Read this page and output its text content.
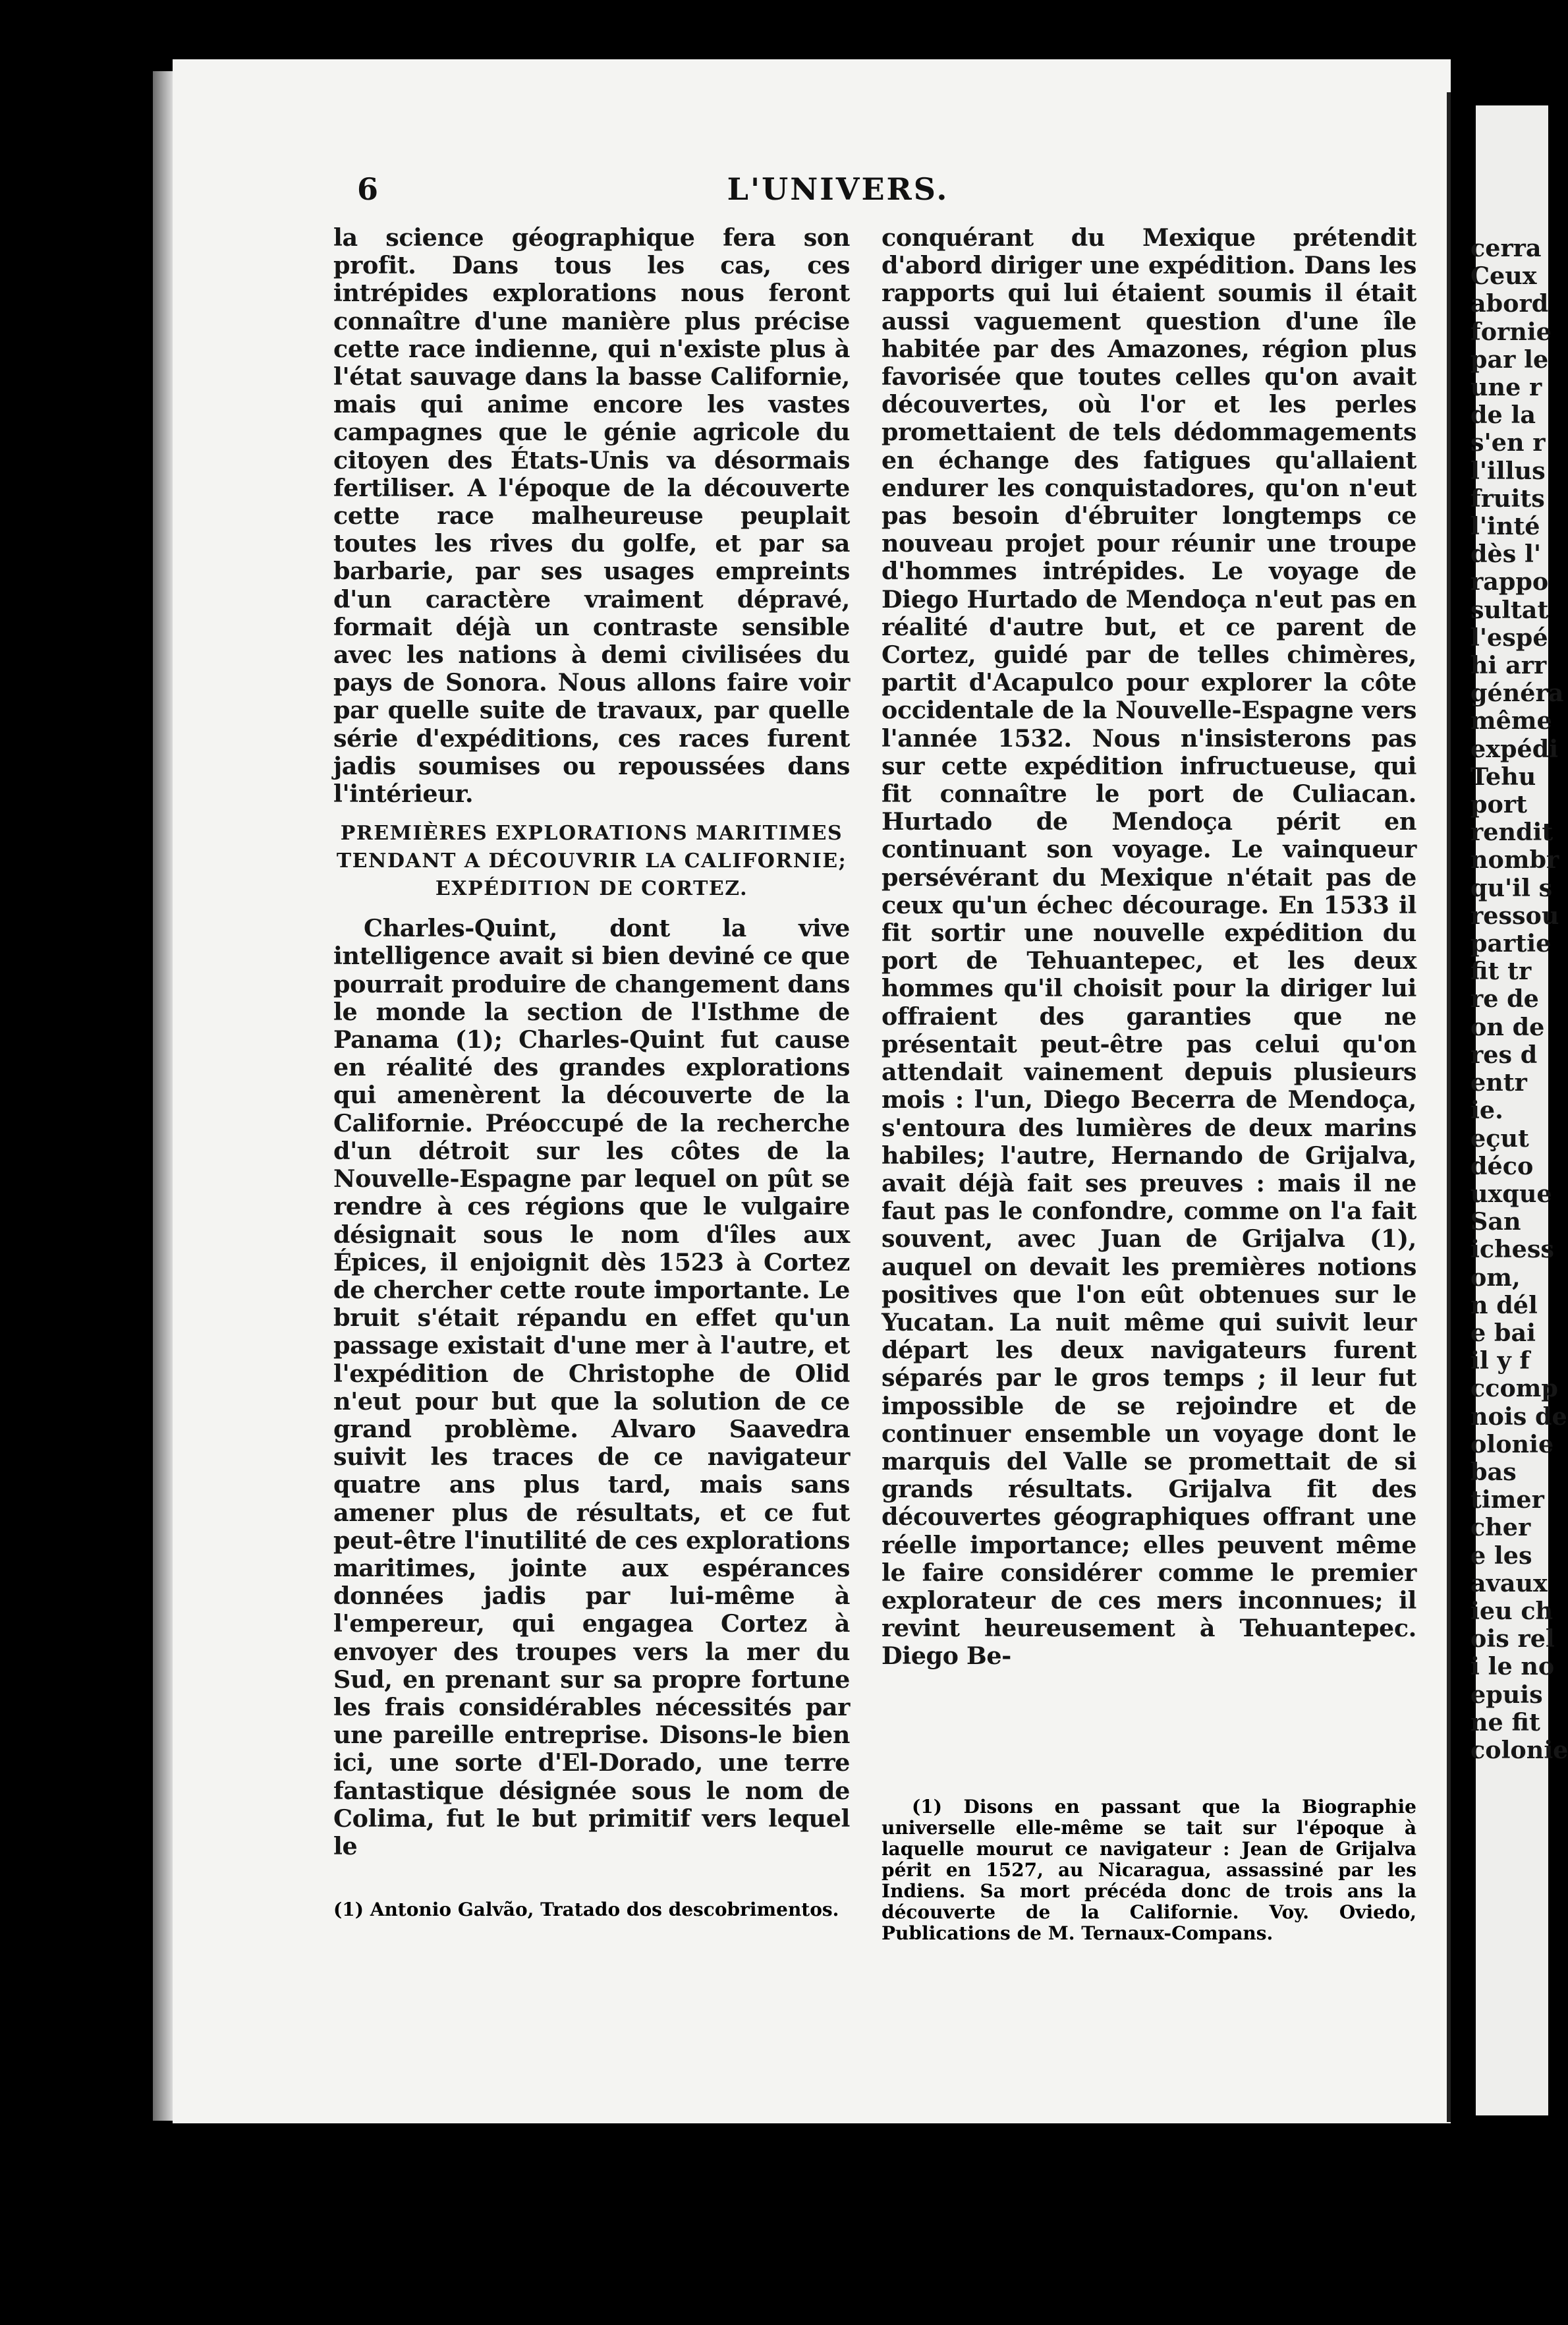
6	L'UNIVERS.

la science géographique fera son profit. Dans tous les cas, ces intrépides explorations nous feront connaître d'une manière plus précise cette race indienne, qui n'existe plus à l'état sauvage dans la basse Californie, mais qui anime encore les vastes campagnes que le génie agricole du citoyen des États-Unis va désormais fertiliser. A l'époque de la découverte cette race malheureuse peuplait toutes les rives du golfe, et par sa barbarie, par ses usages empreints d'un caractère vraiment dépravé, formait déjà un contraste sensible avec les nations à demi civilisées du pays de Sonora. Nous allons faire voir par quelle suite de travaux, par quelle série d'expéditions, ces races furent jadis soumises ou repoussées dans l'intérieur.

PREMIÈRES EXPLORATIONS MARITIMES TENDANT A DÉCOUVRIR LA CALIFORNIE; EXPÉDITION DE CORTEZ.

Charles-Quint, dont la vive intelligence avait si bien deviné ce que pourrait produire de changement dans le monde la section de l'Isthme de Panama (1); Charles-Quint fut cause en réalité des grandes explorations qui amenèrent la découverte de la Californie. Préoccupé de la recherche d'un détroit sur les côtes de la Nouvelle-Espagne par lequel on pût se rendre à ces régions que le vulgaire désignait sous le nom d'îles aux Épices, il enjoignit dès 1523 à Cortez de chercher cette route importante. Le bruit s'était répandu en effet qu'un passage existait d'une mer à l'autre, et l'expédition de Christophe de Olid n'eut pour but que la solution de ce grand problème. Alvaro Saavedra suivit les traces de ce navigateur quatre ans plus tard, mais sans amener plus de résultats, et ce fut peut-être l'inutilité de ces explorations maritimes, jointe aux espérances données jadis par lui-même à l'empereur, qui engagea Cortez à envoyer des troupes vers la mer du Sud, en prenant sur sa propre fortune les frais considérables nécessités par une pareille entreprise. Disons-le bien ici, une sorte d'El-Dorado, une terre fantastique désignée sous le nom de Colima, fut le but primitif vers lequel le

(1) Antonio Galvão, Tratado dos descobrimentos.

conquérant du Mexique prétendit d'abord diriger une expédition. Dans les rapports qui lui étaient soumis il était aussi vaguement question d'une île habitée par des Amazones, région plus favorisée que toutes celles qu'on avait découvertes, où l'or et les perles promettaient de tels dédommagements en échange des fatigues qu'allaient endurer les conquistadores, qu'on n'eut pas besoin d'ébruiter longtemps ce nouveau projet pour réunir une troupe d'hommes intrépides. Le voyage de Diego Hurtado de Mendoça n'eut pas en réalité d'autre but, et ce parent de Cortez, guidé par de telles chimères, partit d'Acapulco pour explorer la côte occidentale de la Nouvelle-Espagne vers l'année 1532. Nous n'insisterons pas sur cette expédition infructueuse, qui fit connaître le port de Culiacan. Hurtado de Mendoça périt en continuant son voyage. Le vainqueur persévérant du Mexique n'était pas de ceux qu'un échec décourage. En 1533 il fit sortir une nouvelle expédition du port de Tehuantepec, et les deux hommes qu'il choisit pour la diriger lui offraient des garanties que ne présentait peut-être pas celui qu'on attendait vainement depuis plusieurs mois : l'un, Diego Becerra de Mendoça, s'entoura des lumières de deux marins habiles; l'autre, Hernando de Grijalva, avait déjà fait ses preuves : mais il ne faut pas le confondre, comme on l'a fait souvent, avec Juan de Grijalva (1), auquel on devait les premières notions positives que l'on eût obtenues sur le Yucatan. La nuit même qui suivit leur départ les deux navigateurs furent séparés par le gros temps ; il leur fut impossible de se rejoindre et de continuer ensemble un voyage dont le marquis del Valle se promettait de si grands résultats. Grijalva fit des découvertes géographiques offrant une réelle importance; elles peuvent même le faire considérer comme le premier explorateur de ces mers inconnues; il revint heureusement à Tehuantepec. Diego Be-

(1) Disons en passant que la Biographie universelle elle-même se tait sur l'époque à laquelle mourut ce navigateur : Jean de Grijalva périt en 1527, au Nicaragua, assassiné par les Indiens. Sa mort précéda donc de trois ans la découverte de la Californie. Voy. Oviedo, Publications de M. Ternaux-Compans.

cerra
Ceux
abord
fornie
par le
une r
de la
s'en r
l'illus
fruits
l'inté
dès l'
rappo
sultat
l'espé
hi arr
généra
même
expédi
Tehu
port
rendit
nombr
qu'il s
ressou
partie
fit tr
re de
on de
res d
entr
ie.
eçut
déco
uxque
San
ichess
om,
n dél
e bai
il y f
ccomp
nois de
olonie
bas
timer
cher
e les
avaux
ieu ch
ois rel
i le no
epuis
ne fit
colonie
